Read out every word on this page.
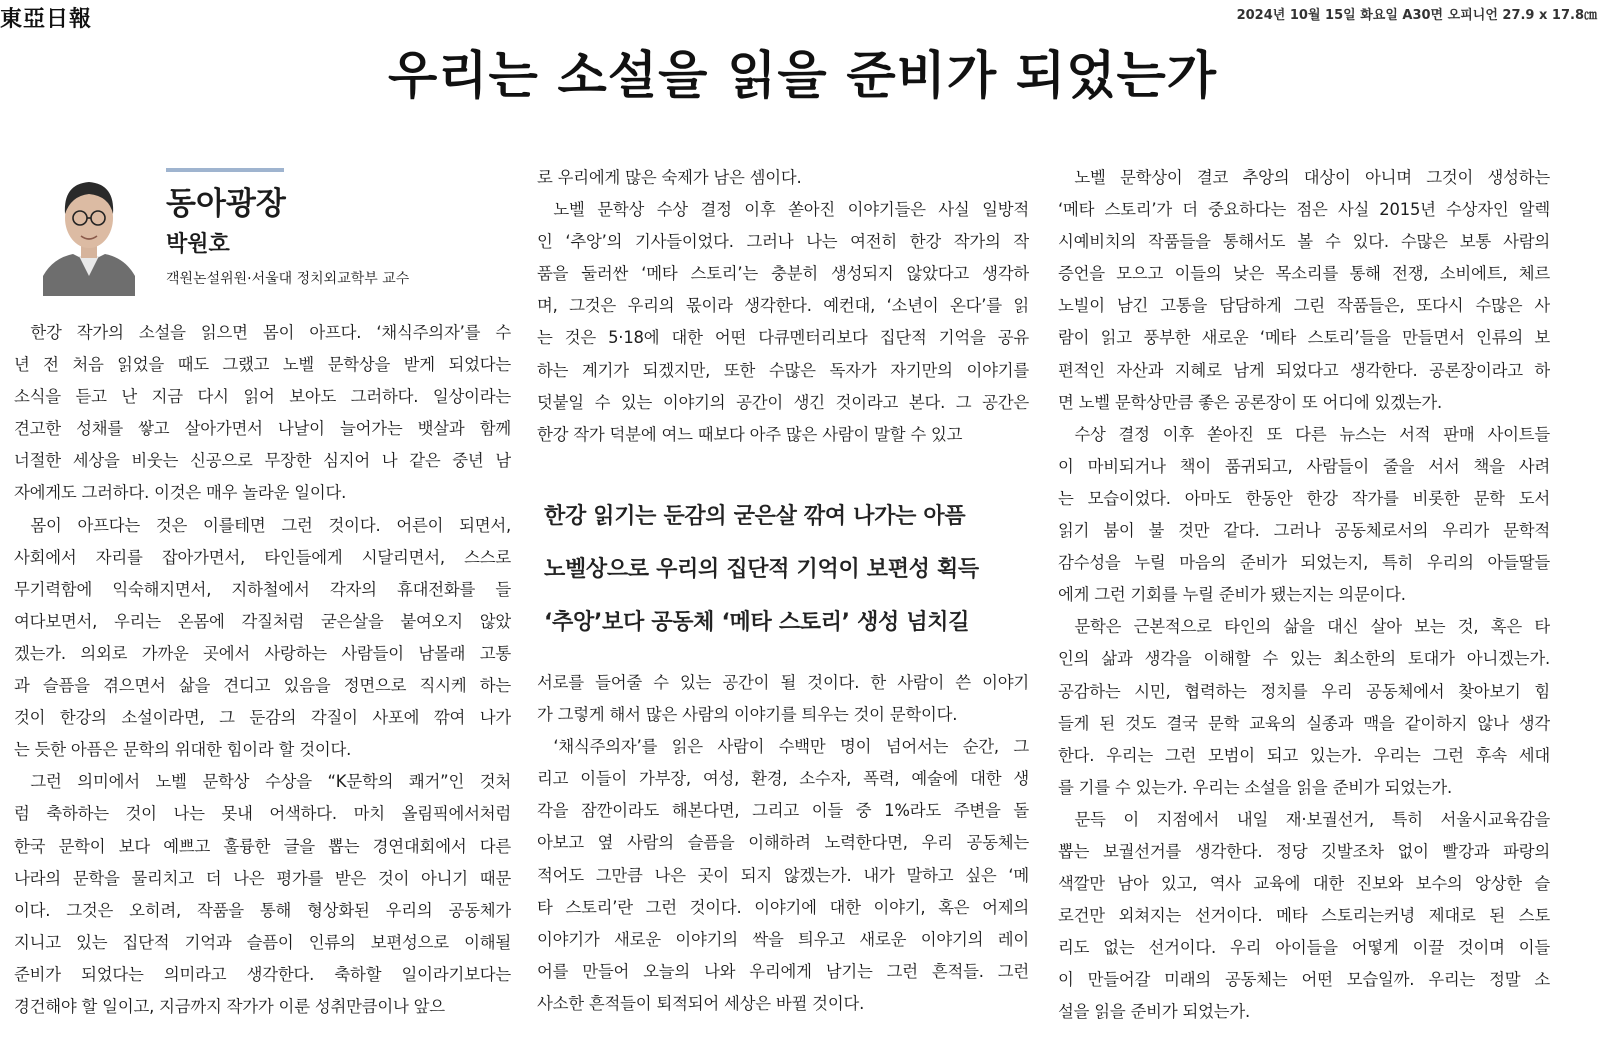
東亞日報	2024년 10월 15일 화요일 A30면 오피니언 27.9 x 17.8㎝
우리는 소설을 읽을 준비가 되었는가
동아광장
박원호
객원논설위원·서울대 정치외교학부 교수

한강 작가의 소설을 읽으면 몸이 아프다. ‘채식주의자’를 수

년 전 처음 읽었을 때도 그랬고 노벨 문학상을 받게 되었다는

소식을 듣고 난 지금 다시 읽어 보아도 그러하다. 일상이라는

견고한 성채를 쌓고 살아가면서 나날이 늘어가는 뱃살과 함께

너절한 세상을 비웃는 신공으로 무장한 심지어 나 같은 중년 남

자에게도 그러하다. 이것은 매우 놀라운 일이다.

몸이 아프다는 것은 이를테면 그런 것이다. 어른이 되면서,

사회에서 자리를 잡아가면서, 타인들에게 시달리면서, 스스로

무기력함에 익숙해지면서, 지하철에서 각자의 휴대전화를 들

여다보면서, 우리는 온몸에 각질처럼 굳은살을 붙여오지 않았

겠는가. 의외로 가까운 곳에서 사랑하는 사람들이 남몰래 고통

과 슬픔을 겪으면서 삶을 견디고 있음을 정면으로 직시케 하는

것이 한강의 소설이라면, 그 둔감의 각질이 사포에 깎여 나가

는 듯한 아픔은 문학의 위대한 힘이라 할 것이다.

그런 의미에서 노벨 문학상 수상을 “K문학의 쾌거”인 것처

럼 축하하는 것이 나는 못내 어색하다. 마치 올림픽에서처럼

한국 문학이 보다 예쁘고 훌륭한 글을 뽑는 경연대회에서 다른

나라의 문학을 물리치고 더 나은 평가를 받은 것이 아니기 때문

이다. 그것은 오히려, 작품을 통해 형상화된 우리의 공동체가

지니고 있는 집단적 기억과 슬픔이 인류의 보편성으로 이해될

준비가 되었다는 의미라고 생각한다. 축하할 일이라기보다는

경건해야 할 일이고, 지금까지 작가가 이룬 성취만큼이나 앞으

로 우리에게 많은 숙제가 남은 셈이다.

노벨 문학상 수상 결정 이후 쏟아진 이야기들은 사실 일방적

인 ‘추앙’의 기사들이었다. 그러나 나는 여전히 한강 작가의 작

품을 둘러싼 ‘메타 스토리’는 충분히 생성되지 않았다고 생각하

며, 그것은 우리의 몫이라 생각한다. 예컨대, ‘소년이 온다’를 읽

는 것은 5·18에 대한 어떤 다큐멘터리보다 집단적 기억을 공유

하는 계기가 되겠지만, 또한 수많은 독자가 자기만의 이야기를

덧붙일 수 있는 이야기의 공간이 생긴 것이라고 본다. 그 공간은

한강 작가 덕분에 여느 때보다 아주 많은 사람이 말할 수 있고

한강 읽기는 둔감의 굳은살 깎여 나가는 아픔

노벨상으로 우리의 집단적 기억이 보편성 획득

‘추앙’보다 공동체 ‘메타 스토리’ 생성 넘치길

서로를 들어줄 수 있는 공간이 될 것이다. 한 사람이 쓴 이야기

가 그렇게 해서 많은 사람의 이야기를 틔우는 것이 문학이다.

‘채식주의자’를 읽은 사람이 수백만 명이 넘어서는 순간, 그

리고 이들이 가부장, 여성, 환경, 소수자, 폭력, 예술에 대한 생

각을 잠깐이라도 해본다면, 그리고 이들 중 1%라도 주변을 돌

아보고 옆 사람의 슬픔을 이해하려 노력한다면, 우리 공동체는

적어도 그만큼 나은 곳이 되지 않겠는가. 내가 말하고 싶은 ‘메

타 스토리’란 그런 것이다. 이야기에 대한 이야기, 혹은 어제의

이야기가 새로운 이야기의 싹을 틔우고 새로운 이야기의 레이

어를 만들어 오늘의 나와 우리에게 남기는 그런 흔적들. 그런

사소한 흔적들이 퇴적되어 세상은 바뀔 것이다.

노벨 문학상이 결코 추앙의 대상이 아니며 그것이 생성하는

‘메타 스토리’가 더 중요하다는 점은 사실 2015년 수상자인 알렉

시예비치의 작품들을 통해서도 볼 수 있다. 수많은 보통 사람의

증언을 모으고 이들의 낮은 목소리를 통해 전쟁, 소비에트, 체르

노빌이 남긴 고통을 담담하게 그린 작품들은, 또다시 수많은 사

람이 읽고 풍부한 새로운 ‘메타 스토리’들을 만들면서 인류의 보

편적인 자산과 지혜로 남게 되었다고 생각한다. 공론장이라고 하

면 노벨 문학상만큼 좋은 공론장이 또 어디에 있겠는가.

수상 결정 이후 쏟아진 또 다른 뉴스는 서적 판매 사이트들

이 마비되거나 책이 품귀되고, 사람들이 줄을 서서 책을 사려

는 모습이었다. 아마도 한동안 한강 작가를 비롯한 문학 도서

읽기 붐이 불 것만 같다. 그러나 공동체로서의 우리가 문학적

감수성을 누릴 마음의 준비가 되었는지, 특히 우리의 아들딸들

에게 그런 기회를 누릴 준비가 됐는지는 의문이다.

문학은 근본적으로 타인의 삶을 대신 살아 보는 것, 혹은 타

인의 삶과 생각을 이해할 수 있는 최소한의 토대가 아니겠는가.

공감하는 시민, 협력하는 정치를 우리 공동체에서 찾아보기 힘

들게 된 것도 결국 문학 교육의 실종과 맥을 같이하지 않나 생각

한다. 우리는 그런 모범이 되고 있는가. 우리는 그런 후속 세대

를 기를 수 있는가. 우리는 소설을 읽을 준비가 되었는가.

문득 이 지점에서 내일 재·보궐선거, 특히 서울시교육감을

뽑는 보궐선거를 생각한다. 정당 깃발조차 없이 빨강과 파랑의

색깔만 남아 있고, 역사 교육에 대한 진보와 보수의 앙상한 슬

로건만 외쳐지는 선거이다. 메타 스토리는커녕 제대로 된 스토

리도 없는 선거이다. 우리 아이들을 어떻게 이끌 것이며 이들

이 만들어갈 미래의 공동체는 어떤 모습일까. 우리는 정말 소

설을 읽을 준비가 되었는가.
